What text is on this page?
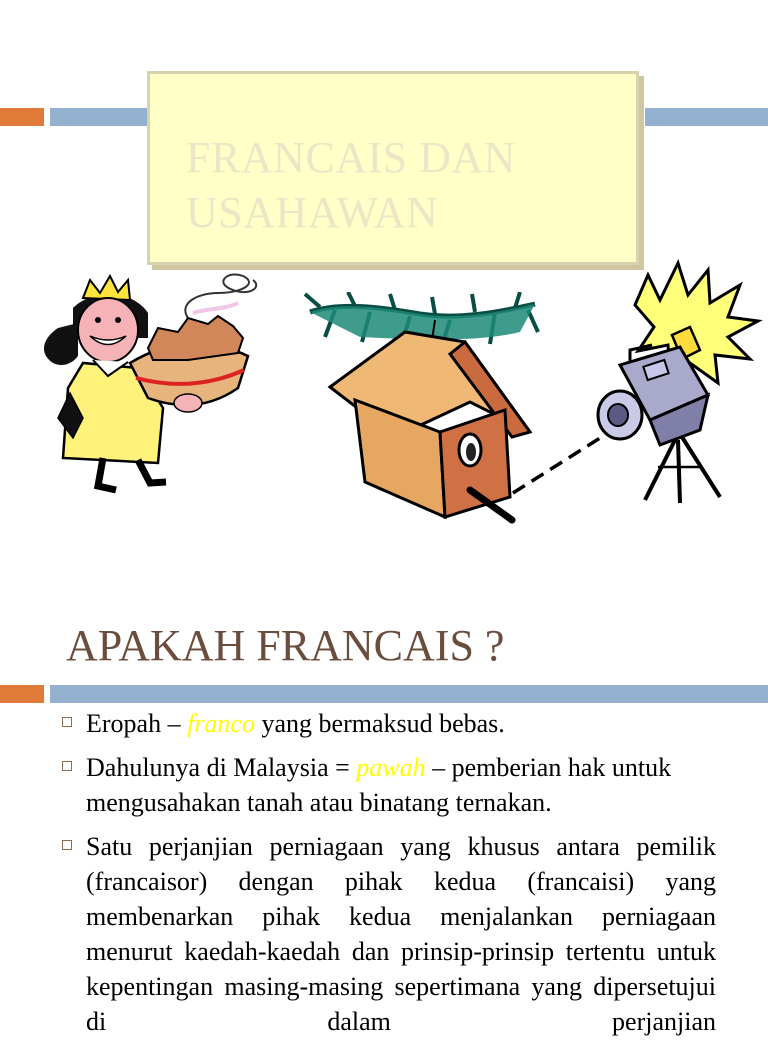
FRANCAIS DAN
USAHAWAN
APAKAH FRANCAIS ?
Eropah – franco yang bermaksud bebas.
Dahulunya di Malaysia = pawah – pemberian hak untuk mengusahakan tanah atau binatang ternakan.
Satu perjanjian perniagaan yang khusus antara pemilik (francaisor) dengan pihak kedua (francaisi) yang membenarkan pihak kedua menjalankan perniagaan menurut kaedah-kaedah dan prinsip-prinsip tertentu untuk kepentingan masing-masing sepertimana yang dipersetujui di dalam perjanjian
